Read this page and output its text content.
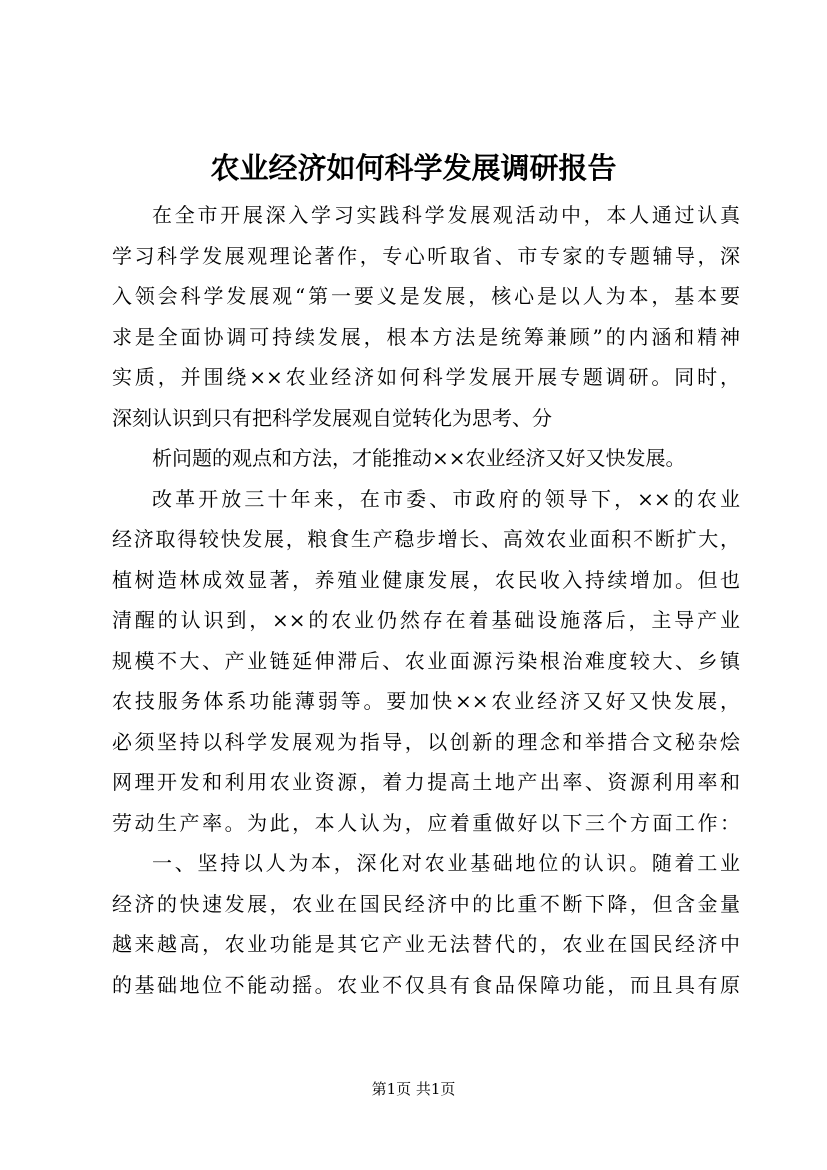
农业经济如何科学发展调研报告

在全市开展深入学习实践科学发展观活动中，本人通过认真
学习科学发展观理论著作，专心听取省、市专家的专题辅导，深
入领会科学发展观“第一要义是发展，核心是以人为本，基本要
求是全面协调可持续发展，根本方法是统筹兼顾”的内涵和精神
实质，并围绕××农业经济如何科学发展开展专题调研。同时，
深刻认识到只有把科学发展观自觉转化为思考、分

析问题的观点和方法，才能推动××农业经济又好又快发展。

改革开放三十年来，在市委、市政府的领导下，××的农业
经济取得较快发展，粮食生产稳步增长、高效农业面积不断扩大，
植树造林成效显著，养殖业健康发展，农民收入持续增加。但也
清醒的认识到，××的农业仍然存在着基础设施落后，主导产业
规模不大、产业链延伸滞后、农业面源污染根治难度较大、乡镇
农技服务体系功能薄弱等。要加快××农业经济又好又快发展，
必须坚持以科学发展观为指导，以创新的理念和举措合文秘杂烩
网理开发和利用农业资源，着力提高土地产出率、资源利用率和
劳动生产率。为此，本人认为，应着重做好以下三个方面工作：

一、坚持以人为本，深化对农业基础地位的认识。随着工业
经济的快速发展，农业在国民经济中的比重不断下降，但含金量
越来越高，农业功能是其它产业无法替代的，农业在国民经济中
的基础地位不能动摇。农业不仅具有食品保障功能，而且具有原

第1页 共1页
